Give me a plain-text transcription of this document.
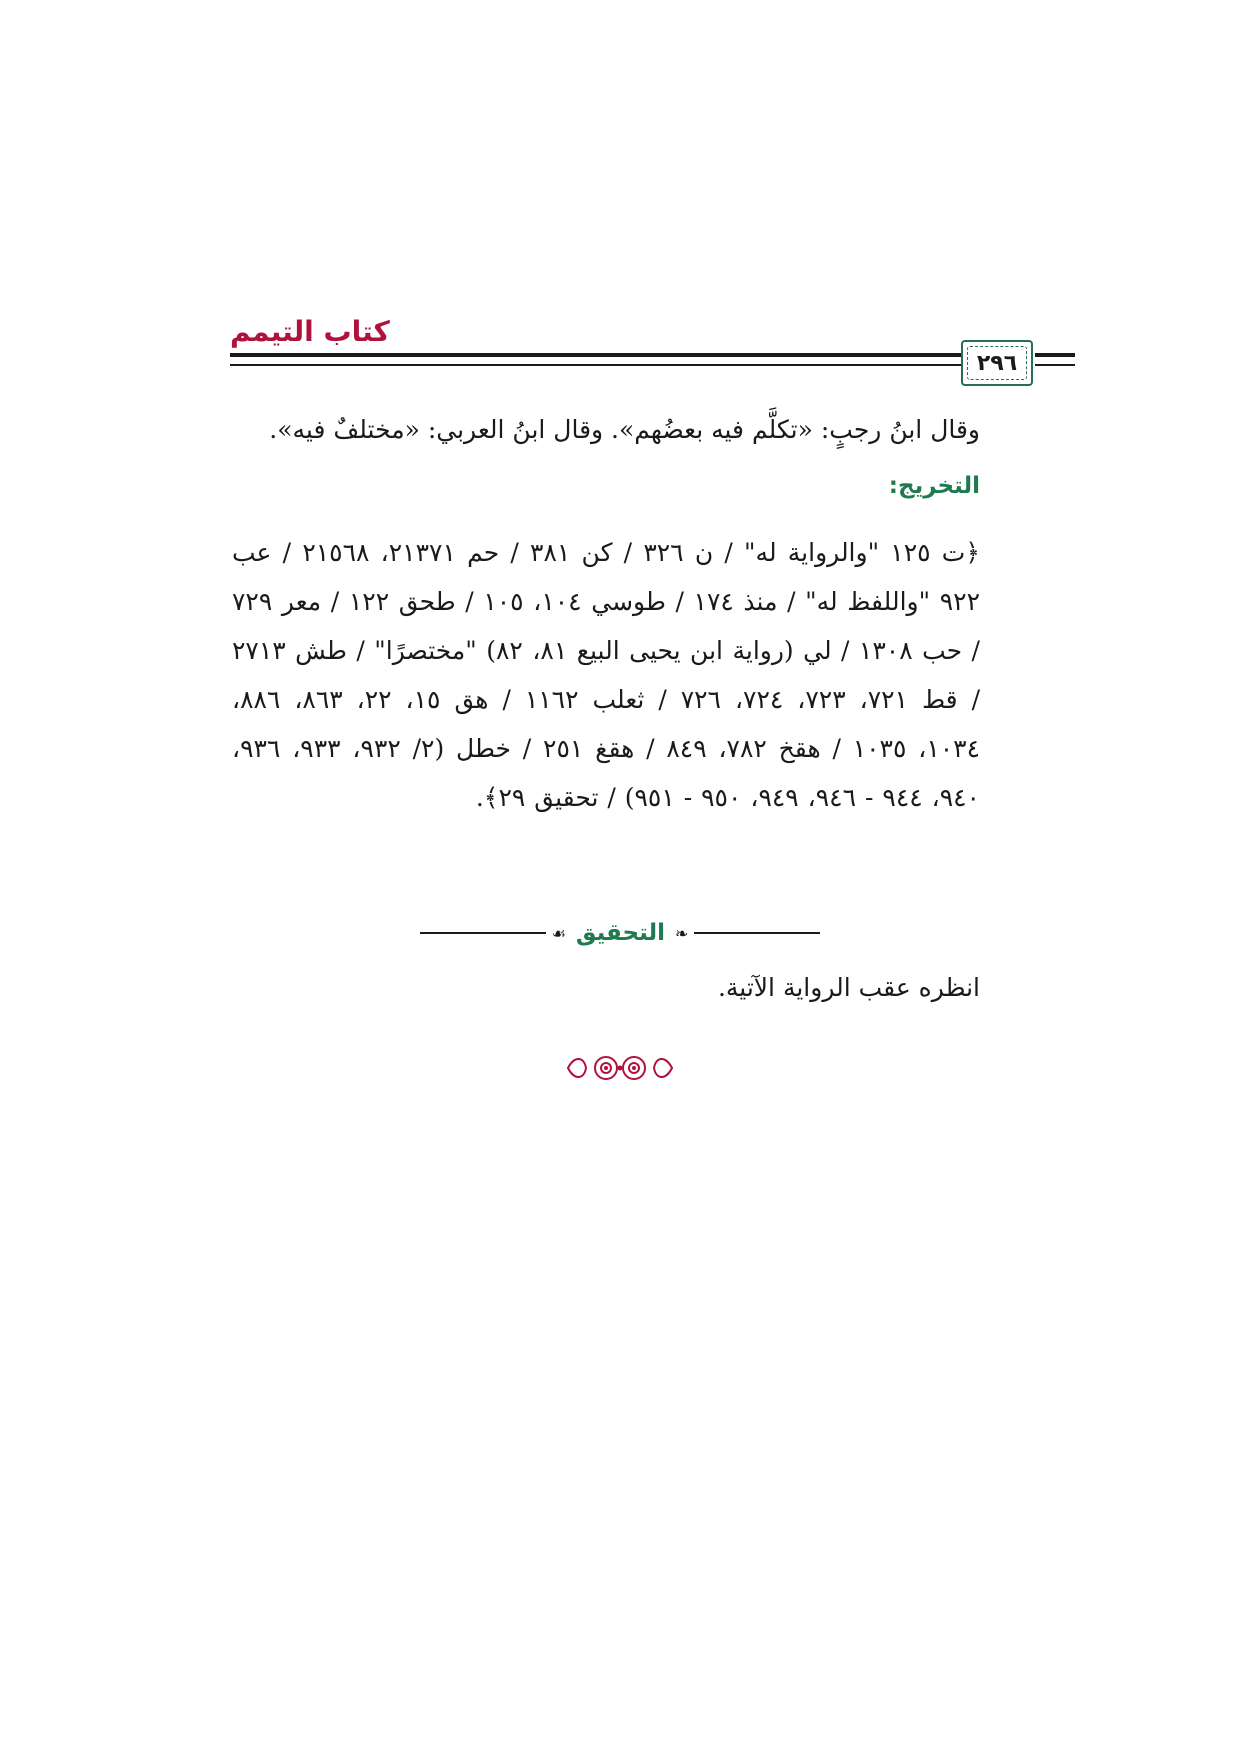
كتاب التيمم
٢٩٦
وقال ابنُ رجبٍ: «تكلَّم فيه بعضُهم». وقال ابنُ العربي: «مختلفٌ فيه».
التخريج:
﴿ت ١٢٥ "والرواية له" / ن ٣٢٦ / كن ٣٨١ / حم ٢١٣٧١، ٢١٥٦٨ / عب ٩٢٢ "واللفظ له" / منذ ١٧٤ / طوسي ١٠٤، ١٠٥ / طحق ١٢٢ / معر ٧٢٩ / حب ١٣٠٨ / لي (رواية ابن يحيى البيع ٨١، ٨٢) "مختصرًا" / طش ٢٧١٣ / قط ٧٢١، ٧٢٣، ٧٢٤، ٧٢٦ / ثعلب ١١٦٢ / هق ١٥، ٢٢، ٨٦٣، ٨٨٦، ١٠٣٤، ١٠٣٥ / هقخ ٧٨٢، ٨٤٩ / هقغ ٢٥١ / خطل (٢/ ٩٣٢، ٩٣٣، ٩٣٦، ٩٤٠، ٩٤٤ - ٩٤٦، ٩٤٩، ٩٥٠ - ٩٥١) / تحقيق ٢٩﴾.
❧
التحقيق
☙
انظره عقب الرواية الآتية.
